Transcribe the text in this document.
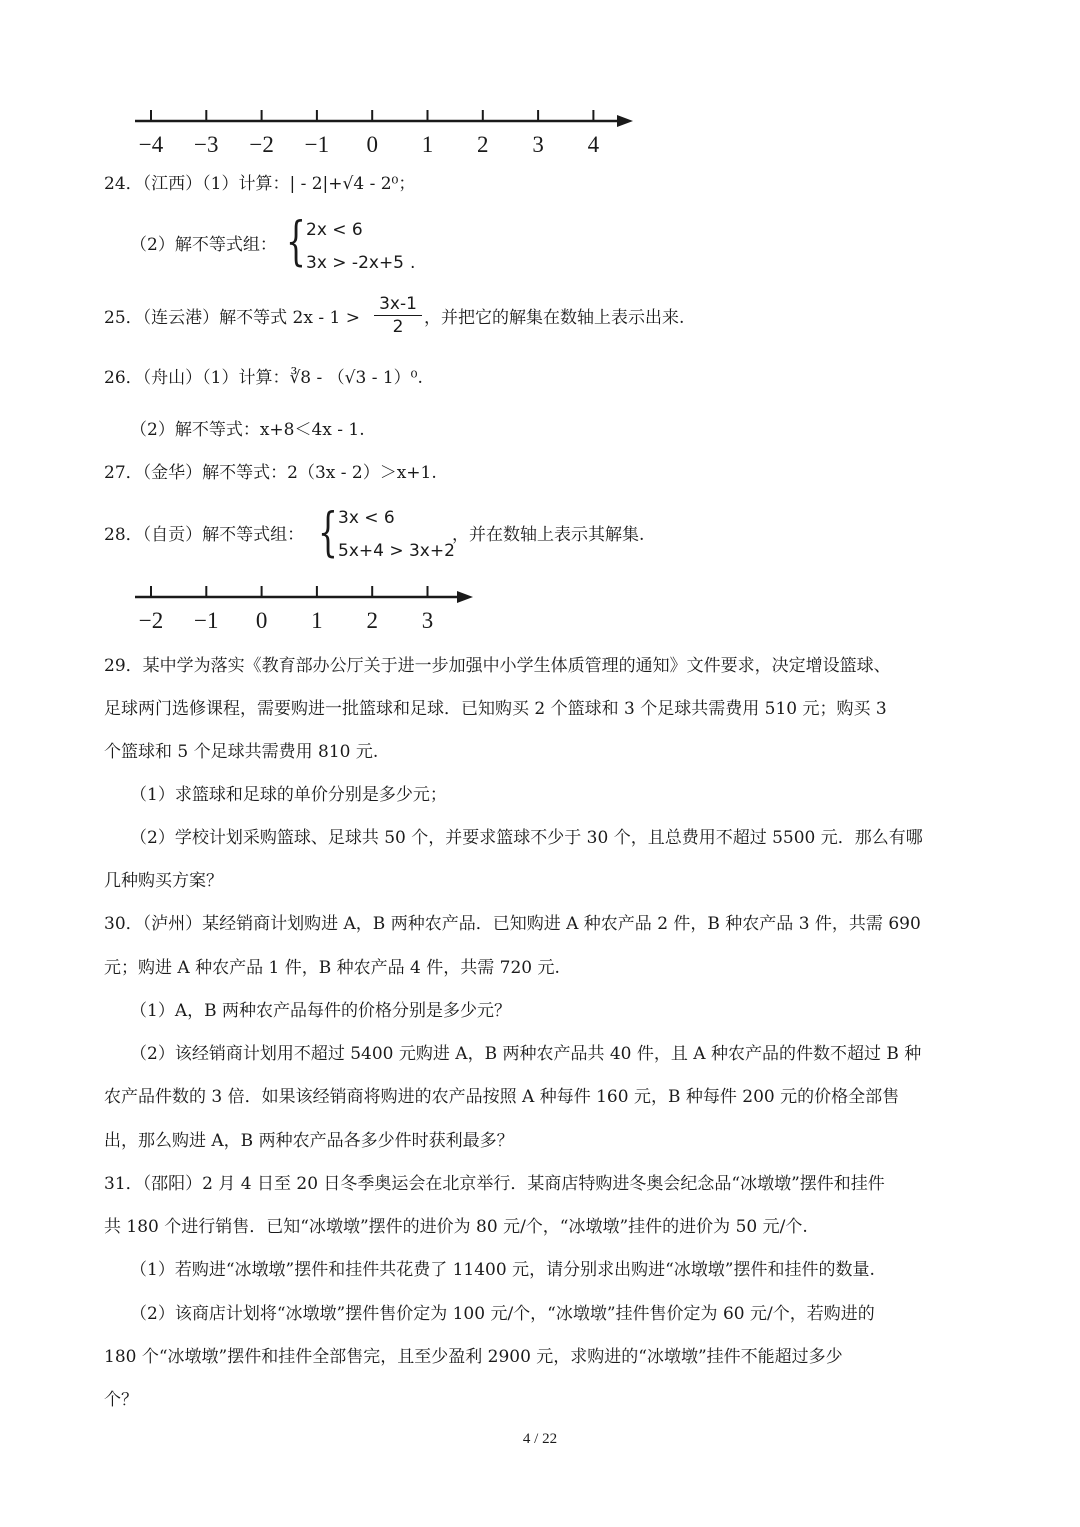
−4 −3 −2 −1 0 1 2 3 4
24．（江西）（1）计算：| - 2|+√4 - 2⁰；
（2）解不等式组： { 2x < 6
3x > -2x+5 .
25．（连云港）解不等式 2x - 1 >
3x-1
2	，并把它的解集在数轴上表示出来.
26．（舟山）（1）计算：∛8 - （√3 - 1）⁰.
（2）解不等式：x+8＜4x - 1.
27．（金华）解不等式：2（3x - 2）＞x+1.
28．（自贡）解不等式组： { 3x < 6
5x+4 > 3x+2
，并在数轴上表示其解集.
−2 −1 0 1 2 3
29．某中学为落实《教育部办公厅关于进一步加强中小学生体质管理的通知》文件要求，决定增设篮球、
足球两门选修课程，需要购进一批篮球和足球．已知购买 2 个篮球和 3 个足球共需费用 510 元；购买 3
个篮球和 5 个足球共需费用 810 元.
（1）求篮球和足球的单价分别是多少元；
（2）学校计划采购篮球、足球共 50 个，并要求篮球不少于 30 个，且总费用不超过 5500 元．那么有哪
几种购买方案？
30．（泸州）某经销商计划购进 A，B 两种农产品．已知购进 A 种农产品 2 件，B 种农产品 3 件，共需 690
元；购进 A 种农产品 1 件，B 种农产品 4 件，共需 720 元.
（1）A，B 两种农产品每件的价格分别是多少元？
（2）该经销商计划用不超过 5400 元购进 A，B 两种农产品共 40 件，且 A 种农产品的件数不超过 B 种
农产品件数的 3 倍．如果该经销商将购进的农产品按照 A 种每件 160 元，B 种每件 200 元的价格全部售
出，那么购进 A，B 两种农产品各多少件时获利最多？
31．（邵阳）2 月 4 日至 20 日冬季奥运会在北京举行．某商店特购进冬奥会纪念品“冰墩墩”摆件和挂件
共 180 个进行销售．已知“冰墩墩”摆件的进价为 80 元/个，“冰墩墩”挂件的进价为 50 元/个.
（1）若购进“冰墩墩”摆件和挂件共花费了 11400 元，请分别求出购进“冰墩墩”摆件和挂件的数量.
（2）该商店计划将“冰墩墩”摆件售价定为 100 元/个，“冰墩墩”挂件售价定为 60 元/个，若购进的
180 个“冰墩墩”摆件和挂件全部售完，且至少盈利 2900 元，求购进的“冰墩墩”挂件不能超过多少
个？
4 / 22
